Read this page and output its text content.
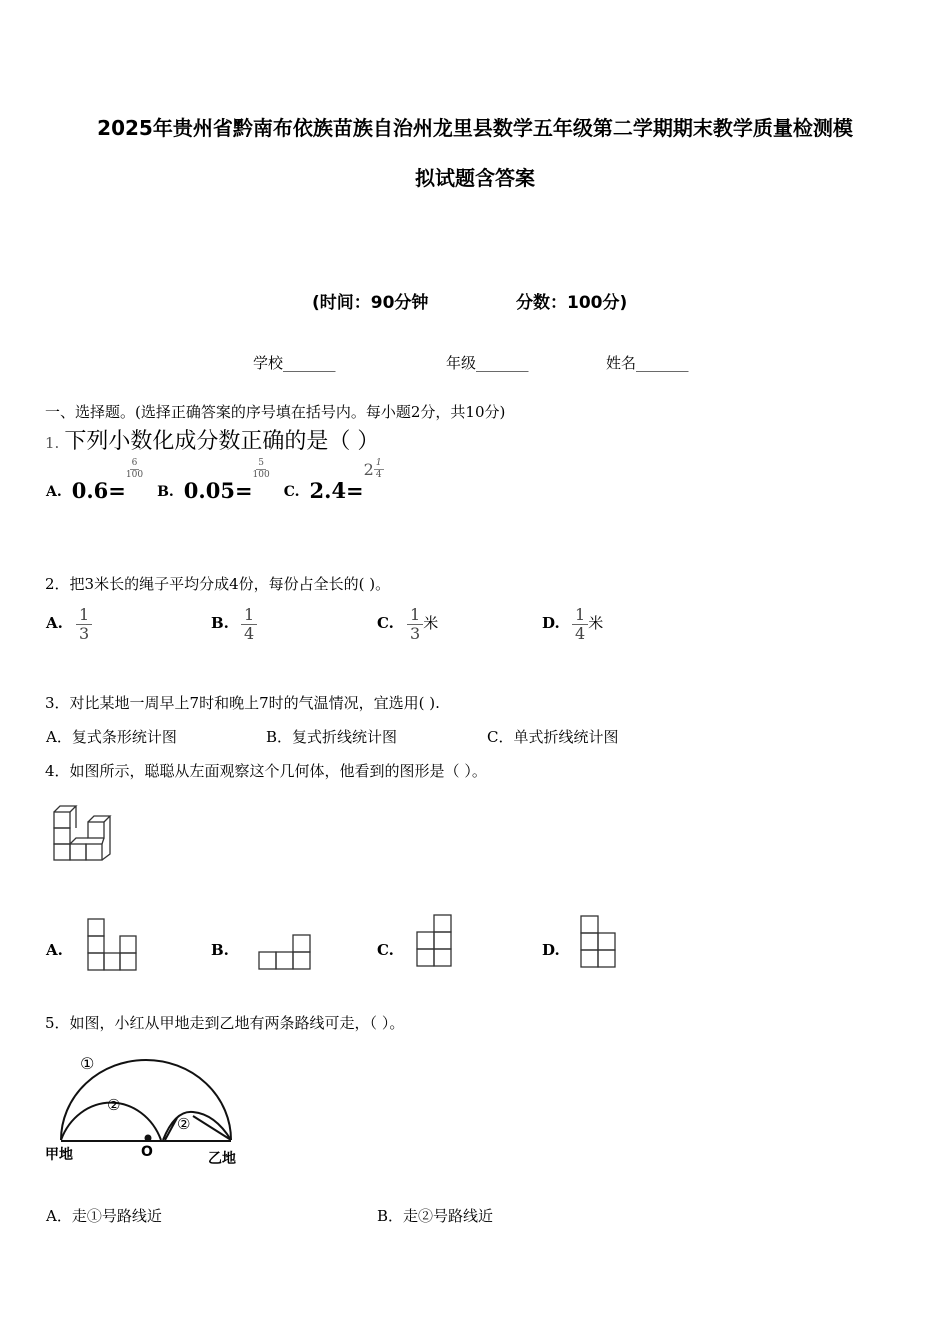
2025年贵州省黔南布依族苗族自治州龙里县数学五年级第二学期期末教学质量检测模
拟试题含答案
(时间：90分钟	分数：100分)
学校_______	年级_______	姓名_______
一、选择题。(选择正确答案的序号填在括号内。每小题2分，共10分)
1. 下列小数化成分数正确的是（ ）
A. 0.6=
$\frac{6}{100}$
B. 0.05=
$\frac{5}{100}$
C. 2.4=
2 1
4
2．把3米长的绳子平均分成4份，每份占全长的( )。
A. $\frac{1}{3}$	B. $\frac{1}{4}$	C. $\frac{1}{3}$ 米	D. $\frac{1}{4}$ 米
3．对比某地一周早上7时和晚上7时的气温情况，宜选用( ).
A．复式条形统计图	B．复式折线统计图	C．单式折线统计图
4．如图所示，聪聪从左面观察这个几何体，他看到的图形是（ ）。
A.	B.	C.	D.
5．如图，小红从甲地走到乙地有两条路线可走，（ ）。
①
②
②
甲地	O	乙地
A．走①号路线近	B．走②号路线近
